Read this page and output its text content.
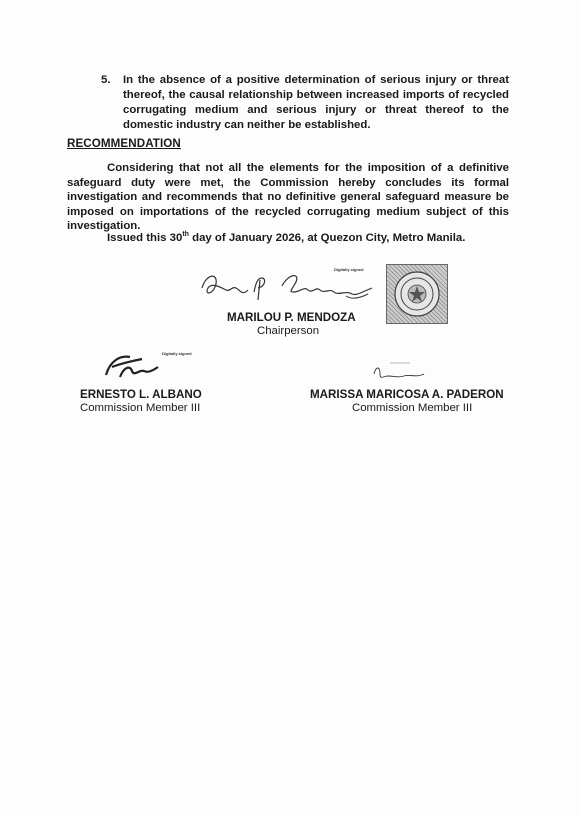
5. In the absence of a positive determination of serious injury or threat thereof, the causal relationship between increased imports of recycled corrugating medium and serious injury or threat thereof to the domestic industry can neither be established.
RECOMMENDATION
Considering that not all the elements for the imposition of a definitive safeguard duty were met, the Commission hereby concludes its formal investigation and recommends that no definitive general safeguard measure be imposed on importations of the recycled corrugating medium subject of this investigation.
Issued this 30th day of January 2026, at Quezon City, Metro Manila.
Digitally signed
MARILOU P. MENDOZA
Chairperson
Digitally signed
ERNESTO L. ALBANO
Commission Member III
MARISSA MARICOSA A. PADERON
Commission Member III
